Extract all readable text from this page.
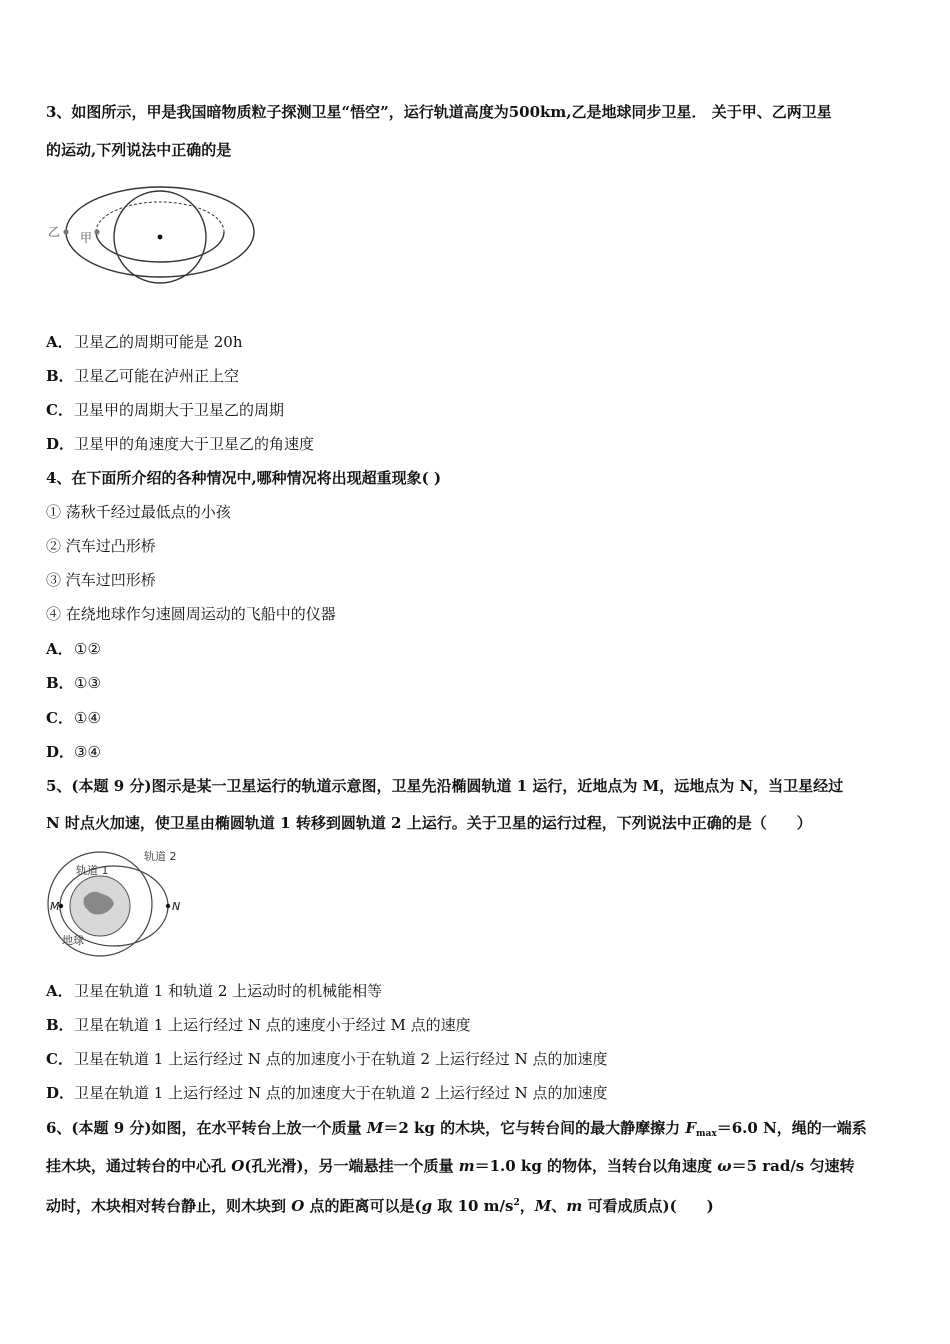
3、如图所示，甲是我国暗物质粒子探测卫星“悟空”，运行轨道高度为500km,乙是地球同步卫星． 关于甲、乙两卫星
的运动,下列说法中正确的是
乙 甲
A．卫星乙的周期可能是 20h
B．卫星乙可能在泸州正上空
C．卫星甲的周期大于卫星乙的周期
D．卫星甲的角速度大于卫星乙的角速度
4、在下面所介绍的各种情况中,哪种情况将出现超重现象( )
① 荡秋千经过最低点的小孩
② 汽车过凸形桥
③ 汽车过凹形桥
④ 在绕地球作匀速圆周运动的飞船中的仪器
A．①②
B．①③
C．①④
D．③④
5、(本题 9 分)图示是某一卫星运行的轨道示意图，卫星先沿椭圆轨道 1 运行，近地点为 M，远地点为 N，当卫星经过
N 时点火加速，使卫星由椭圆轨道 1 转移到圆轨道 2 上运行。关于卫星的运行过程，下列说法中正确的是（　　）
轨道 1
轨道 2
M	N
地球
A．卫星在轨道 1 和轨道 2 上运动时的机械能相等
B．卫星在轨道 1 上运行经过 N 点的速度小于经过 M 点的速度
C．卫星在轨道 1 上运行经过 N 点的加速度小于在轨道 2 上运行经过 N 点的加速度
D．卫星在轨道 1 上运行经过 N 点的加速度大于在轨道 2 上运行经过 N 点的加速度
6、(本题 9 分)如图，在水平转台上放一个质量 M＝2 kg 的木块，它与转台间的最大静摩擦力 $F_{max}=6.0$ N，绳的一端系
挂木块，通过转台的中心孔 O(孔光滑)，另一端悬挂一个质量 m＝1.0 kg 的物体，当转台以角速度 ω＝5 rad/s 匀速转
动时，木块相对转台静止，则木块到 O 点的距离可以是(g 取 10 $m/s^2$，M、m 可看成质点)(　　)
